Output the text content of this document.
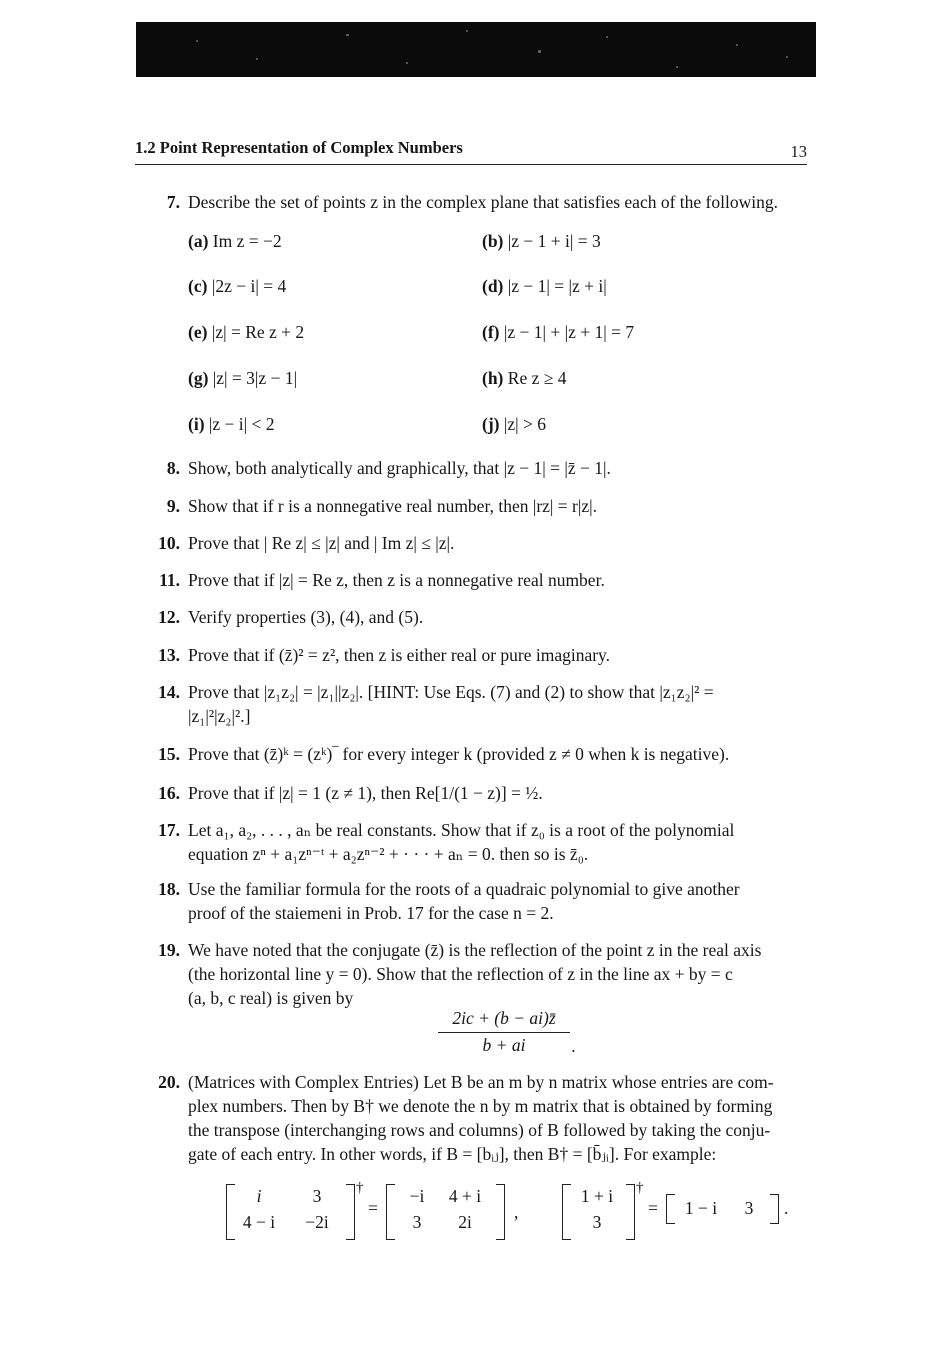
1.2 Point Representation of Complex Numbers	13
7. Describe the set of points z in the complex plane that satisfies each of the following.
(a) Im z = −2	(b) |z − 1 + i| = 3
(c) |2z − i| = 4	(d) |z − 1| = |z + i|
(e) |z| = Re z + 2	(f) |z − 1| + |z + 1| = 7
(g) |z| = 3|z − 1|	(h) Re z ≥ 4
(i) |z − i| < 2	(j) |z| > 6
8. Show, both analytically and graphically, that |z − 1| = |z̄ − 1|.
9. Show that if r is a nonnegative real number, then |rz| = r|z|.
10. Prove that | Re z| ≤ |z| and | Im z| ≤ |z|.
11. Prove that if |z| = Re z, then z is a nonnegative real number.
12. Verify properties (3), (4), and (5).
13. Prove that if (z̄)² = z², then z is either real or pure imaginary.
14. Prove that |z₁z₂| = |z₁||z₂|. [HINT: Use Eqs. (7) and (2) to show that |z₁z₂|² =
|z₁|²|z₂|².]
15. Prove that (z̄)ᵏ = (zᵏ)‾ for every integer k (provided z ≠ 0 when k is negative).
16. Prove that if |z| = 1 (z ≠ 1), then Re[1/(1 − z)] = ½.
17. Let a₁, a₂, . . . , aₙ be real constants. Show that if z₀ is a root of the polynomial
equation zⁿ + a₁zⁿ⁻ᵗ + a₂zⁿ⁻² + · · · + aₙ = 0. then so is z̄₀.
18. Use the familiar formula for the roots of a quadraic polynomial to give another
proof of the staiemeni in Prob. 17 for the case n = 2.
19. We have noted that the conjugate (z̄) is the reflection of the point z in the real axis
(the horizontal line y = 0). Show that the reflection of z in the line ax + by = c
(a, b, c real) is given by
2ic + (b − ai)z̄
b + ai	.
20. (Matrices with Complex Entries) Let B be an m by n matrix whose entries are com-
plex numbers. Then by B† we denote the n by m matrix that is obtained by forming
the transpose (interchanging rows and columns) of B followed by taking the conju-
gate of each entry. In other words, if B = [bᵢⱼ], then B† = [b̄ⱼᵢ]. For example:
i	3
4 − i	−2i
†
=
−i	4 + i
3	2i	,
1 + i
3
†
=	1 − i	3	.
